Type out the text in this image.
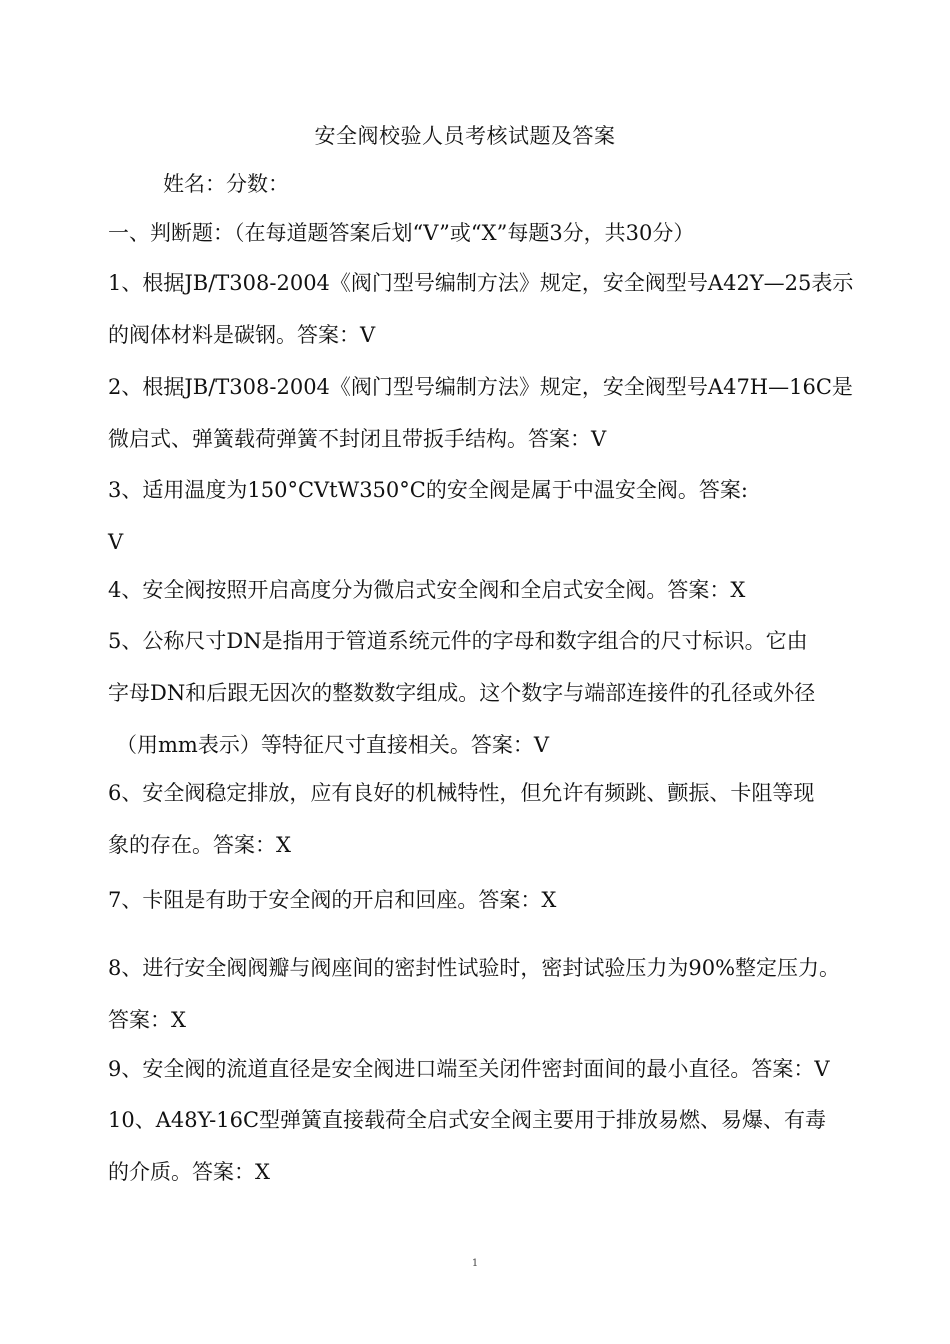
安全阀校验人员考核试题及答案
姓名：分数：
一、判断题：（在每道题答案后划“V”或“X”每题3分，共30分）
1、根据JB/T308-2004《阀门型号编制方法》规定，安全阀型号A42Y—25表示
的阀体材料是碳钢。答案：V
2、根据JB/T308-2004《阀门型号编制方法》规定，安全阀型号A47H—16C是
微启式、弹簧载荷弹簧不封闭且带扳手结构。答案：V
3、适用温度为150°CVtW350°C的安全阀是属于中温安全阀。答案:
V
4、安全阀按照开启高度分为微启式安全阀和全启式安全阀。答案：X
5、公称尺寸DN是指用于管道系统元件的字母和数字组合的尺寸标识。它由
字母DN和后跟无因次的整数数字组成。这个数字与端部连接件的孔径或外径
（用mm表示）等特征尺寸直接相关。答案：V
6、安全阀稳定排放，应有良好的机械特性，但允许有频跳、颤振、卡阻等现
象的存在。答案：X
7、卡阻是有助于安全阀的开启和回座。答案：X
8、进行安全阀阀瓣与阀座间的密封性试验时，密封试验压力为90%整定压力。
答案：X
9、安全阀的流道直径是安全阀进口端至关闭件密封面间的最小直径。答案：V
10、A48Y-16C型弹簧直接载荷全启式安全阀主要用于排放易燃、易爆、有毒
的介质。答案：X
1
